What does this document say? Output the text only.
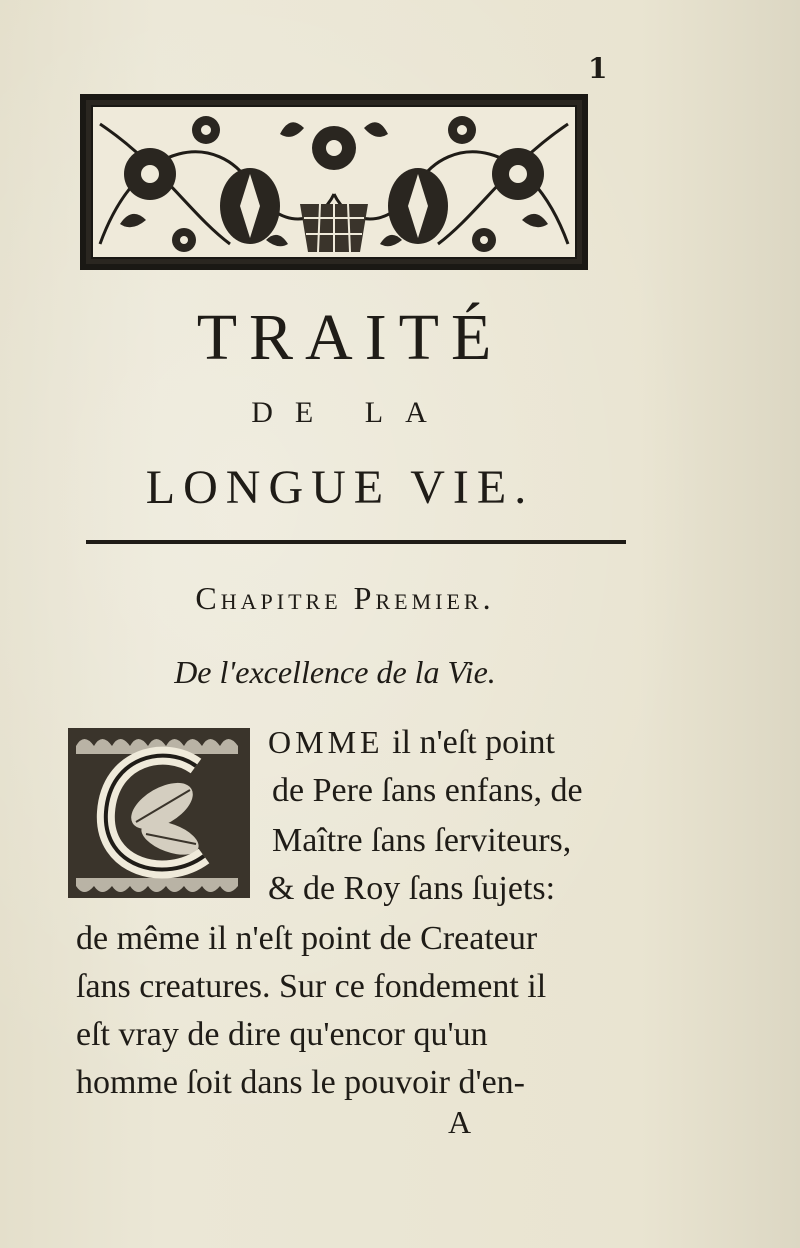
1
TRAITÉ
DE LA
LONGUE VIE.
Chapitre Premier.
De l'excellence de la Vie.
OMME il n'eſt point
de Pere ſans enfans, de
Maître ſans ſerviteurs,
& de Roy ſans ſujets:
de même il n'eſt point de Createur
ſans creatures. Sur ce fondement il
eſt vray de dire qu'encor qu'un
homme ſoit dans le pouvoir d'en-
A
